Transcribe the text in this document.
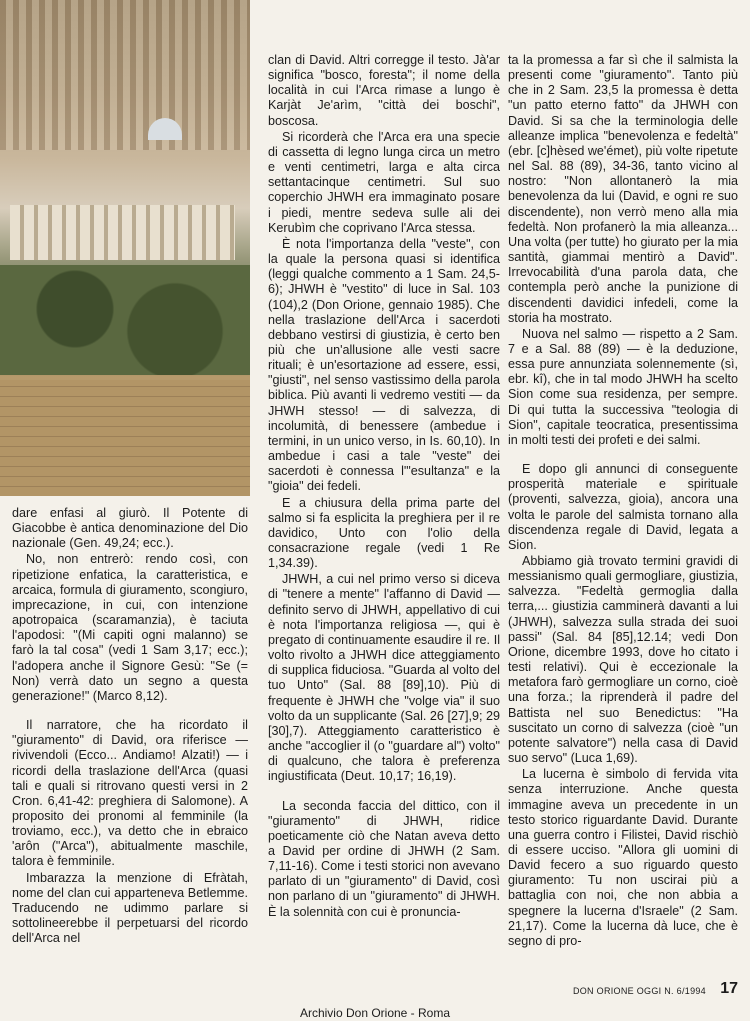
dare enfasi al giurò. Il Potente di Giacobbe è antica denominazione del Dio nazionale (Gen. 49,24; ecc.).

No, non entrerò: rendo così, con ripetizione enfatica, la caratteristica, e arcaica, formula di giuramento, scongiuro, imprecazione, in cui, con intenzione apotropaica (scaramanzia), è taciuta l'apodosi: "(Mi capiti ogni malanno) se farò la tal cosa" (vedi 1 Sam 3,17; ecc.); l'adopera anche il Signore Gesù: "Se (= Non) verrà dato un segno a questa generazione!" (Marco 8,12).

Il narratore, che ha ricordato il "giuramento" di David, ora riferisce — rivivendoli (Ecco... Andiamo! Alzati!) — i ricordi della traslazione dell'Arca (quasi tali e quali si ritrovano questi versi in 2 Cron. 6,41-42: preghiera di Salomone). A proposito dei pronomi al femminile (la troviamo, ecc.), va detto che in ebraico 'arôn ("Arca"), abitualmente maschile, talora è femminile.

Imbarazza la menzione di Efràtah, nome del clan cui apparteneva Betlemme. Traducendo ne udimmo parlare si sottolineerebbe il perpetuarsi del ricordo dell'Arca nel

clan di David. Altri corregge il testo. Jà'ar significa "bosco, foresta"; il nome della località in cui l'Arca rimase a lungo è Karjàt Je'arìm, "città dei boschi", boscosa.

Si ricorderà che l'Arca era una specie di cassetta di legno lunga circa un metro e venti centimetri, larga e alta circa settantacinque centimetri. Sul suo coperchio JHWH era immaginato posare i piedi, mentre sedeva sulle ali dei Kerubìm che coprivano l'Arca stessa.

È nota l'importanza della "veste", con la quale la persona quasi si identifica (leggi qualche commento a 1 Sam. 24,5-6); JHWH è "vestito" di luce in Sal. 103 (104),2 (Don Orione, gennaio 1985). Che nella traslazione dell'Arca i sacerdoti debbano vestirsi di giustizia, è certo ben più che un'allusione alle vesti sacre rituali; è un'esortazione ad essere, essi, "giusti", nel senso vastissimo della parola biblica. Più avanti li vedremo vestiti — da JHWH stesso! — di salvezza, di incolumità, di benessere (ambedue i termini, in un unico verso, in Is. 60,10). In ambedue i casi a tale "veste" dei sacerdoti è connessa l'"esultanza" e la "gioia" dei fedeli.

E a chiusura della prima parte del salmo si fa esplicita la preghiera per il re davidico, Unto con l'olio della consacrazione regale (vedi 1 Re 1,34.39).

JHWH, a cui nel primo verso si diceva di "tenere a mente" l'affanno di David — definito servo di JHWH, appellativo di cui è nota l'importanza religiosa —, qui è pregato di continuamente esaudire il re. Il volto rivolto a JHWH dice atteggiamento di supplica fiduciosa. "Guarda al volto del tuo Unto" (Sal. 88 [89],10). Più di frequente è JHWH che "volge via" il suo volto da un supplicante (Sal. 26 [27],9; 29 [30],7). Atteggiamento caratteristico è anche "accoglier il (o "guardare al") volto" di qualcuno, che talora è preferenza ingiustificata (Deut. 10,17; 16,19).

La seconda faccia del dittico, con il "giuramento" di JHWH, ridice poeticamente ciò che Natan aveva detto a David per ordine di JHWH (2 Sam. 7,11-16). Come i testi storici non avevano parlato di un "giuramento" di David, così non parlano di un "giuramento" di JHWH. È la solennità con cui è pronuncia-

ta la promessa a far sì che il salmista la presenti come "giuramento". Tanto più che in 2 Sam. 23,5 la promessa è detta "un patto eterno fatto" da JHWH con David. Si sa che la terminologia delle alleanze implica "benevolenza e fedeltà" (ebr. [c]hèsed we'émet), più volte ripetute nel Sal. 88 (89), 34-36, tanto vicino al nostro: "Non allontanerò la mia benevolenza da lui (David, e ogni re suo discendente), non verrò meno alla mia fedeltà. Non profanerò la mia alleanza... Una volta (per tutte) ho giurato per la mia santità, giammai mentirò a David". Irrevocabilità d'una parola data, che contempla però anche la punizione di discendenti davidici infedeli, come la storia ha mostrato.

Nuova nel salmo — rispetto a 2 Sam. 7 e a Sal. 88 (89) — è la deduzione, essa pure annunziata solennemente (sì, ebr. kî), che in tal modo JHWH ha scelto Sion come sua residenza, per sempre. Di qui tutta la successiva "teologia di Sion", capitale teocratica, presentissima in molti testi dei profeti e dei salmi.

E dopo gli annunci di conseguente prosperità materiale e spirituale (proventi, salvezza, gioia), ancora una volta le parole del salmista tornano alla discendenza regale di David, legata a Sion.

Abbiamo già trovato termini gravidi di messianismo quali germogliare, giustizia, salvezza. "Fedeltà germoglia dalla terra,... giustizia camminerà davanti a lui (JHWH), salvezza sulla strada dei suoi passi" (Sal. 84 [85],12.14; vedi Don Orione, dicembre 1993, dove ho citato i testi relativi). Qui è eccezionale la metafora farò germogliare un corno, cioè una forza.; la riprenderà il padre del Battista nel suo Benedictus: "Ha suscitato un corno di salvezza (cioè "un potente salvatore") nella casa di David suo servo" (Luca 1,69).

La lucerna è simbolo di fervida vita senza interruzione. Anche questa immagine aveva un precedente in un testo storico riguardante David. Durante una guerra contro i Filistei, David rischiò di essere ucciso. "Allora gli uomini di David fecero a suo riguardo questo giuramento: Tu non uscirai più a battaglia con noi, che non abbia a spegnere la lucerna d'Israele" (2 Sam. 21,17). Come la lucerna dà luce, che è segno di pro-

DON ORIONE OGGI N. 6/1994 17
Archivio Don Orione - Roma
